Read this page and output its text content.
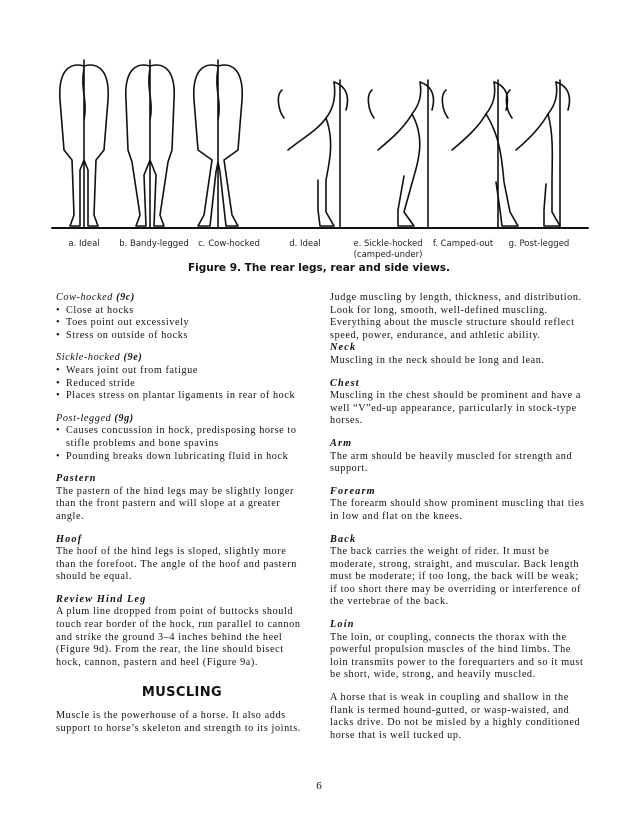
a. Ideal	b. Bandy-legged	c. Cow-hocked	d. Ideal	e. Sickle-hocked
(camped-under)
f. Camped-out	g. Post-legged
Figure 9. The rear legs, rear and side views.
Cow-hocked (9c)
• Close at hocks
• Toes point out excessively
• Stress on outside of hocks
Sickle-hocked (9e)
• Wears joint out from fatigue
• Reduced stride
• Places stress on plantar ligaments in rear of hock
Post-legged (9g)
• Causes concussion in hock, predisposing horse to stifle problems and bone spavins
• Pounding breaks down lubricating fluid in hock
Pastern

The pastern of the hind legs may be slightly longer than the front pastern and will slope at a greater angle.

Hoof

The hoof of the hind legs is sloped, slightly more than the forefoot. The angle of the hoof and pastern should be equal.

Review Hind Leg

A plum line dropped from point of buttocks should touch rear border of the hock, run parallel to cannon and strike the ground 3–4 inches behind the heel (Figure 9d). From the rear, the line should bisect hock, cannon, pastern and heel (Figure 9a).

MUSCLING

Muscle is the powerhouse of a horse. It also adds support to horse’s skeleton and strength to its joints.

Judge muscling by length, thickness, and distribution. Look for long, smooth, well-defined muscling. Everything about the muscle structure should reflect speed, power, endurance, and athletic ability.

Neck

Muscling in the neck should be long and lean.

Chest

Muscling in the chest should be prominent and have a well “V”ed-up appearance, particularly in stock-type horses.

Arm

The arm should be heavily muscled for strength and support.

Forearm

The forearm should show prominent muscling that ties in low and flat on the knees.

Back

The back carries the weight of rider. It must be moderate, strong, straight, and muscular. Back length must be moderate; if too long, the back will be weak; if too short there may be overriding or interference of the vertebrae of the back.

Loin

The loin, or coupling, connects the thorax with the powerful propulsion muscles of the hind limbs. The loin transmits power to the forequarters and so it must be short, wide, strong, and heavily muscled.

A horse that is weak in coupling and shallow in the flank is termed hound-gutted, or wasp-waisted, and lacks drive. Do not be misled by a highly conditioned horse that is well tucked up.

6
